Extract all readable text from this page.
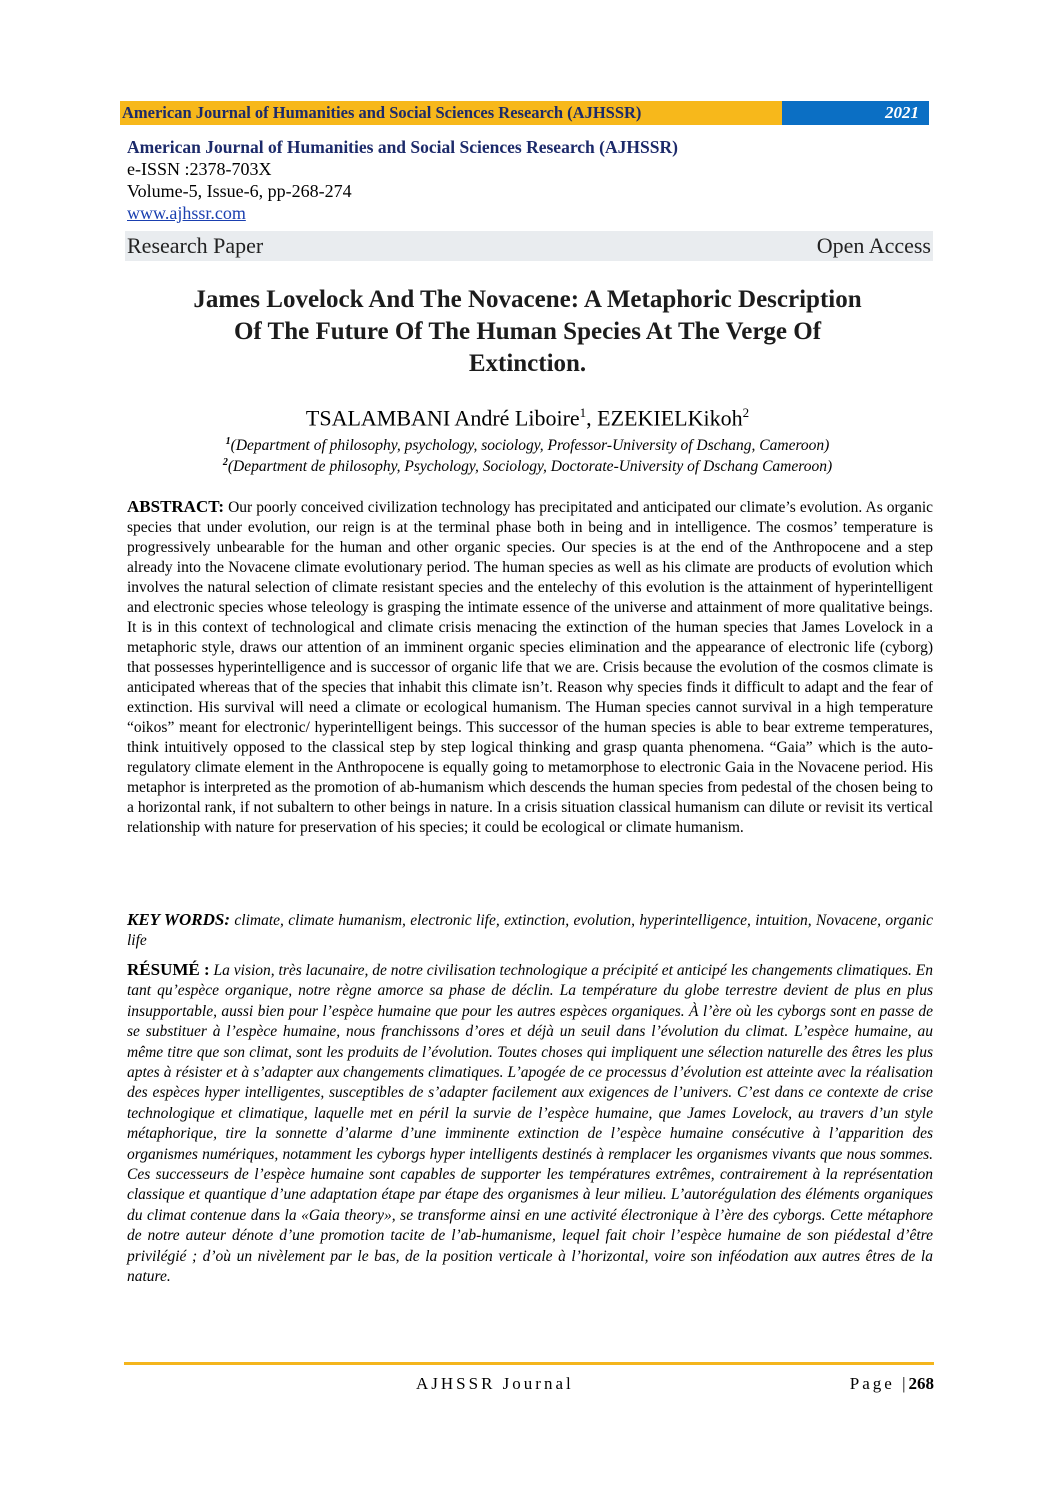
American Journal of Humanities and Social Sciences Research (AJHSSR)	2021
American Journal of Humanities and Social Sciences Research (AJHSSR)
e-ISSN :2378-703X
Volume-5, Issue-6, pp-268-274
www.ajhssr.com
Research Paper	Open Access
James Lovelock And The Novacene: A Metaphoric Description
Of The Future Of The Human Species At The Verge Of
Extinction.
TSALAMBANI André Liboire$^1$, EZEKIELKikoh$^2$
$^1$(Department of philosophy, psychology, sociology, Professor-University of Dschang, Cameroon)
$^2$(Department de philosophy, Psychology, Sociology, Doctorate-University of Dschang Cameroon)
ABSTRACT: Our poorly conceived civilization technology has precipitated and anticipated our climate’s evolution. As organic species that under evolution, our reign is at the terminal phase both in being and in intelligence. The cosmos’ temperature is progressively unbearable for the human and other organic species. Our species is at the end of the Anthropocene and a step already into the Novacene climate evolutionary period. The human species as well as his climate are products of evolution which involves the natural selection of climate resistant species and the entelechy of this evolution is the attainment of hyperintelligent and electronic species whose teleology is grasping the intimate essence of the universe and attainment of more qualitative beings. It is in this context of technological and climate crisis menacing the extinction of the human species that James Lovelock in a metaphoric style, draws our attention of an imminent organic species elimination and the appearance of electronic life (cyborg) that possesses hyperintelligence and is successor of organic life that we are. Crisis because the evolution of the cosmos climate is anticipated whereas that of the species that inhabit this climate isn’t. Reason why species finds it difficult to adapt and the fear of extinction. His survival will need a climate or ecological humanism. The Human species cannot survival in a high temperature “oikos” meant for electronic/ hyperintelligent beings. This successor of the human species is able to bear extreme temperatures, think intuitively opposed to the classical step by step logical thinking and grasp quanta phenomena. “Gaia” which is the auto-regulatory climate element in the Anthropocene is equally going to metamorphose to electronic Gaia in the Novacene period. His metaphor is interpreted as the promotion of ab-humanism which descends the human species from pedestal of the chosen being to a horizontal rank, if not subaltern to other beings in nature. In a crisis situation classical humanism can dilute or revisit its vertical relationship with nature for preservation of his species; it could be ecological or climate humanism.
KEY WORDS: climate, climate humanism, electronic life, extinction, evolution, hyperintelligence, intuition, Novacene, organic life
RÉSUMÉ : La vision, très lacunaire, de notre civilisation technologique a précipité et anticipé les changements climatiques. En tant qu’espèce organique, notre règne amorce sa phase de déclin. La température du globe terrestre devient de plus en plus insupportable, aussi bien pour l’espèce humaine que pour les autres espèces organiques. À l’ère où les cyborgs sont en passe de se substituer à l’espèce humaine, nous franchissons d’ores et déjà un seuil dans l’évolution du climat. L’espèce humaine, au même titre que son climat, sont les produits de l’évolution. Toutes choses qui impliquent une sélection naturelle des êtres les plus aptes à résister et à s’adapter aux changements climatiques. L’apogée de ce processus d’évolution est atteinte avec la réalisation des espèces hyper intelligentes, susceptibles de s’adapter facilement aux exigences de l’univers. C’est dans ce contexte de crise technologique et climatique, laquelle met en péril la survie de l’espèce humaine, que James Lovelock, au travers d’un style métaphorique, tire la sonnette d’alarme d’une imminente extinction de l’espèce humaine consécutive à l’apparition des organismes numériques, notamment les cyborgs hyper intelligents destinés à remplacer les organismes vivants que nous sommes. Ces successeurs de l’espèce humaine sont capables de supporter les températures extrêmes, contrairement à la représentation classique et quantique d’une adaptation étape par étape des organismes à leur milieu. L’autorégulation des éléments organiques du climat contenue dans la «Gaia theory», se transforme ainsi en une activité électronique à l’ère des cyborgs. Cette métaphore de notre auteur dénote d’une promotion tacite de l’ab-humanisme, lequel fait choir l’espèce humaine de son piédestal d’être privilégié ; d’où un nivèlement par le bas, de la position verticale à l’horizontal, voire son inféodation aux autres êtres de la nature.
AJHSSR Journal	Page |268
